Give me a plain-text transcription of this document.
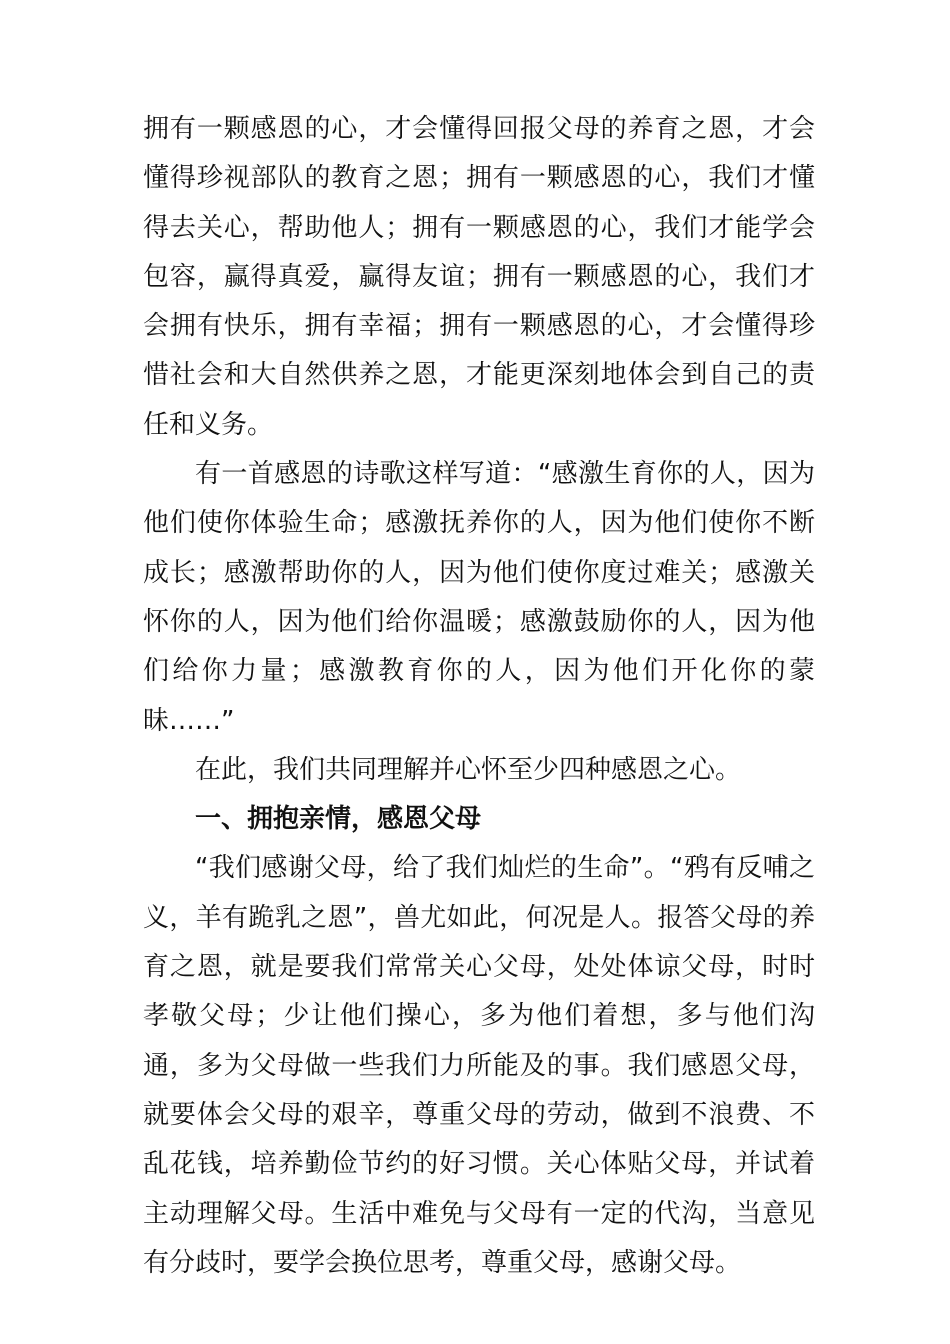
拥有一颗感恩的心，才会懂得回报父母的养育之恩，才会懂得珍视部队的教育之恩；拥有一颗感恩的心，我们才懂得去关心，帮助他人；拥有一颗感恩的心，我们才能学会包容，赢得真爱，赢得友谊；拥有一颗感恩的心，我们才会拥有快乐，拥有幸福；拥有一颗感恩的心，才会懂得珍惜社会和大自然供养之恩，才能更深刻地体会到自己的责任和义务。

有一首感恩的诗歌这样写道：“感激生育你的人，因为他们使你体验生命；感激抚养你的人，因为他们使你不断成长；感激帮助你的人，因为他们使你度过难关；感激关怀你的人，因为他们给你温暖；感激鼓励你的人，因为他们给你力量；感激教育你的人，因为他们开化你的蒙昧……”

在此，我们共同理解并心怀至少四种感恩之心。

一、拥抱亲情，感恩父母

“我们感谢父母，给了我们灿烂的生命”。“鸦有反哺之义，羊有跪乳之恩”，兽尤如此，何况是人。报答父母的养育之恩，就是要我们常常关心父母，处处体谅父母，时时孝敬父母；少让他们操心，多为他们着想，多与他们沟通，多为父母做一些我们力所能及的事。我们感恩父母，就要体会父母的艰辛，尊重父母的劳动，做到不浪费、不乱花钱，培养勤俭节约的好习惯。关心体贴父母，并试着主动理解父母。生活中难免与父母有一定的代沟，当意见有分歧时，要学会换位思考，尊重父母，感谢父母。
